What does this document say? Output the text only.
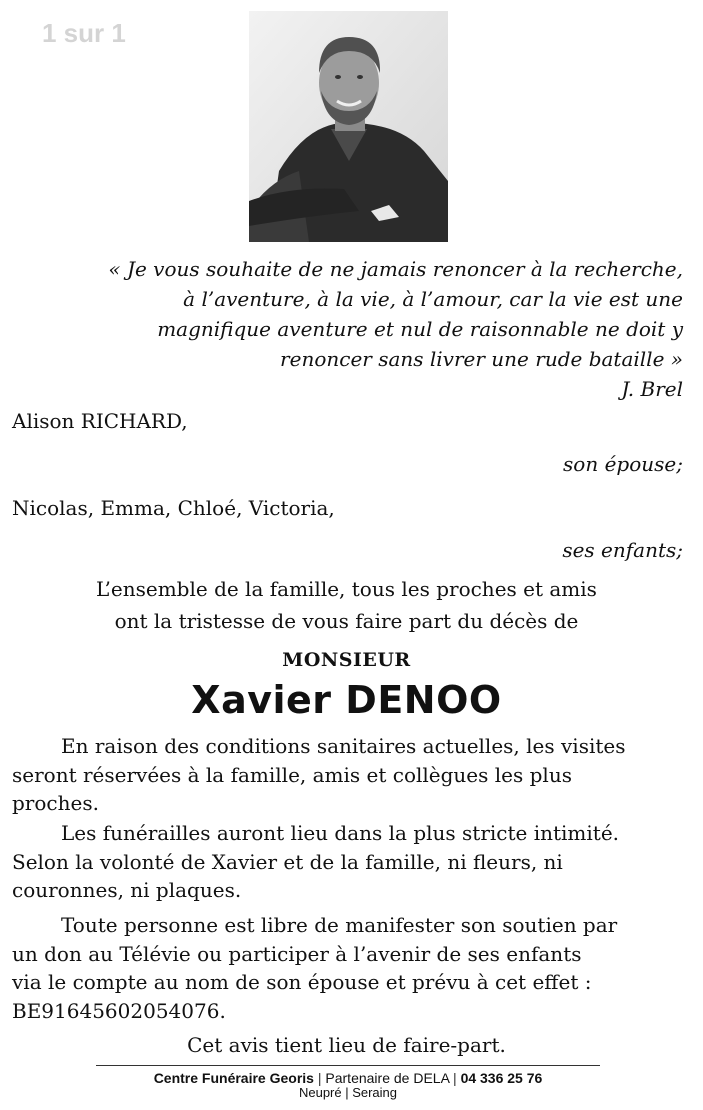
1 sur 1
« Je vous souhaite de ne jamais renoncer à la recherche,
à l’aventure, à la vie, à l’amour, car la vie est une
magnifique aventure et nul de raisonnable ne doit y
renoncer sans livrer une rude bataille »
J. Brel
Alison RICHARD,
son épouse;
Nicolas, Emma, Chloé, Victoria,
ses enfants;
L’ensemble de la famille, tous les proches et amis
ont la tristesse de vous faire part du décès de
MONSIEUR
Xavier DENOO
En raison des conditions sanitaires actuelles, les visites
seront réservées à la famille, amis et collègues les plus
proches.
Les funérailles auront lieu dans la plus stricte intimité.
Selon la volonté de Xavier et de la famille, ni fleurs, ni
couronnes, ni plaques.
Toute personne est libre de manifester son soutien par
un don au Télévie ou participer à l’avenir de ses enfants
via le compte au nom de son épouse et prévu à cet effet :
BE91645602054076.
Cet avis tient lieu de faire-part.
Centre Funéraire Georis | Partenaire de DELA | 04 336 25 76
Neupré | Seraing
